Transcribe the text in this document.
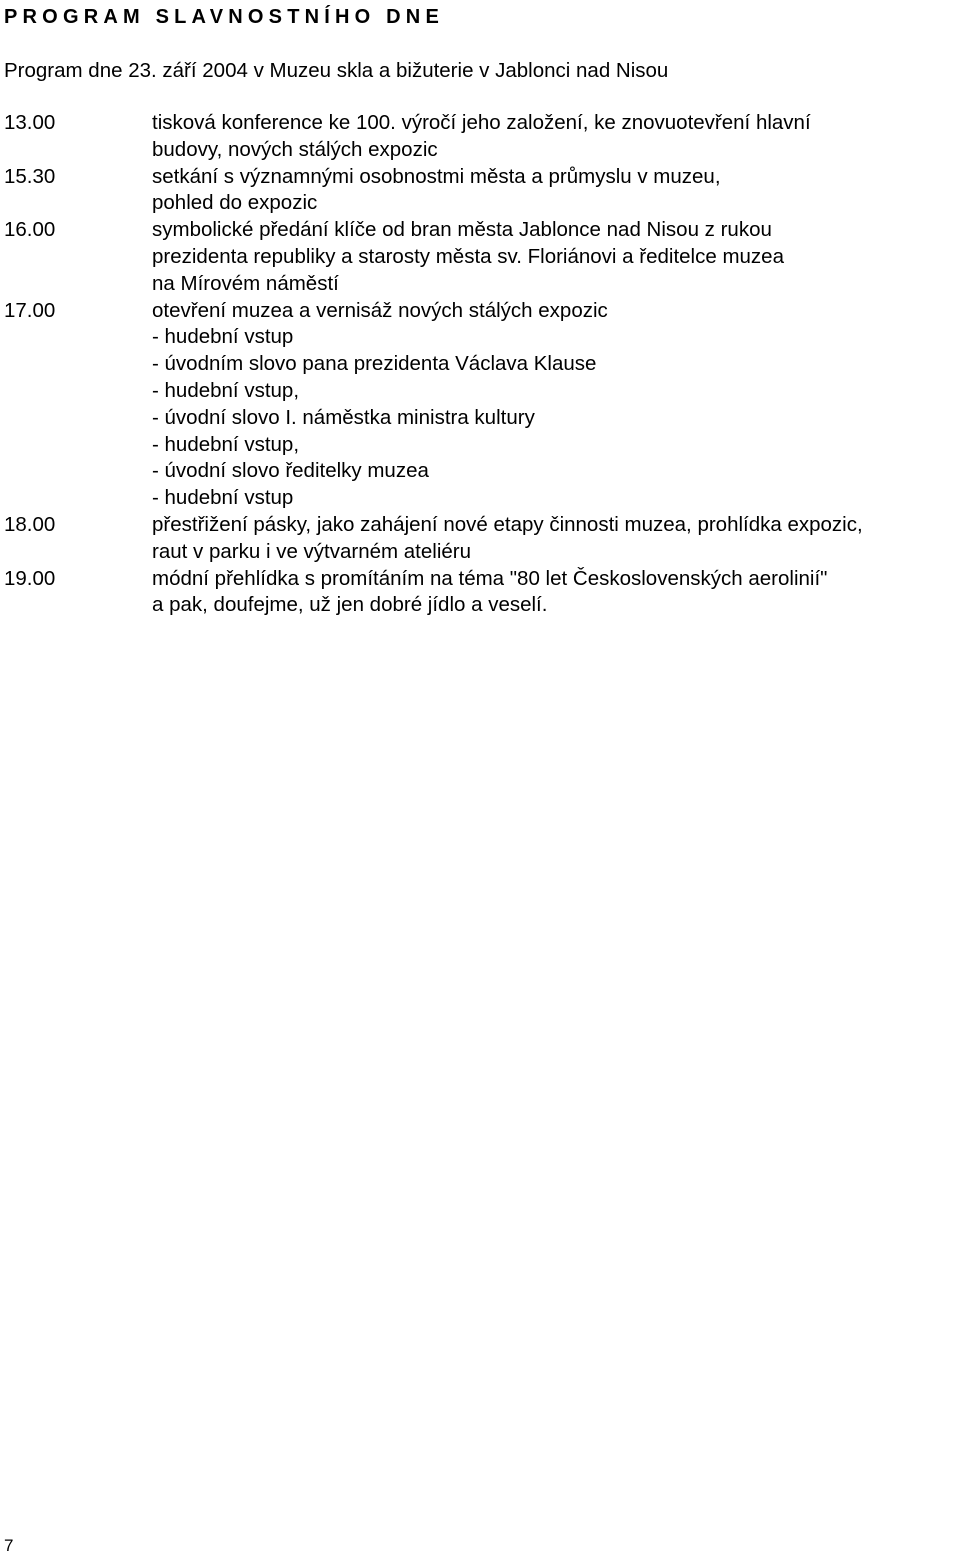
PROGRAM SLAVNOSTNÍHO DNE
Program dne 23. září 2004 v Muzeu skla a bižuterie v Jablonci nad Nisou
13.00	tisková konference ke 100. výročí jeho založení, ke znovuotevření hlavní
budovy, nových stálých expozic
15.30	setkání s významnými osobnostmi města a průmyslu v muzeu,
pohled do expozic
16.00	symbolické předání klíče od bran města Jablonce nad Nisou z rukou
prezidenta republiky a starosty města sv. Floriánovi a ředitelce muzea
na Mírovém náměstí
17.00	otevření muzea a vernisáž nových stálých expozic
- hudební vstup
- úvodním slovo pana prezidenta Václava Klause
- hudební vstup,
- úvodní slovo I. náměstka ministra kultury
- hudební vstup,
- úvodní slovo ředitelky muzea
- hudební vstup
18.00	přestřižení pásky, jako zahájení nové etapy činnosti muzea, prohlídka expozic,
raut v parku i ve výtvarném ateliéru
19.00	módní přehlídka s promítáním na téma "80 let Československých aerolinií"
a pak, doufejme, už jen dobré jídlo a veselí.
7
